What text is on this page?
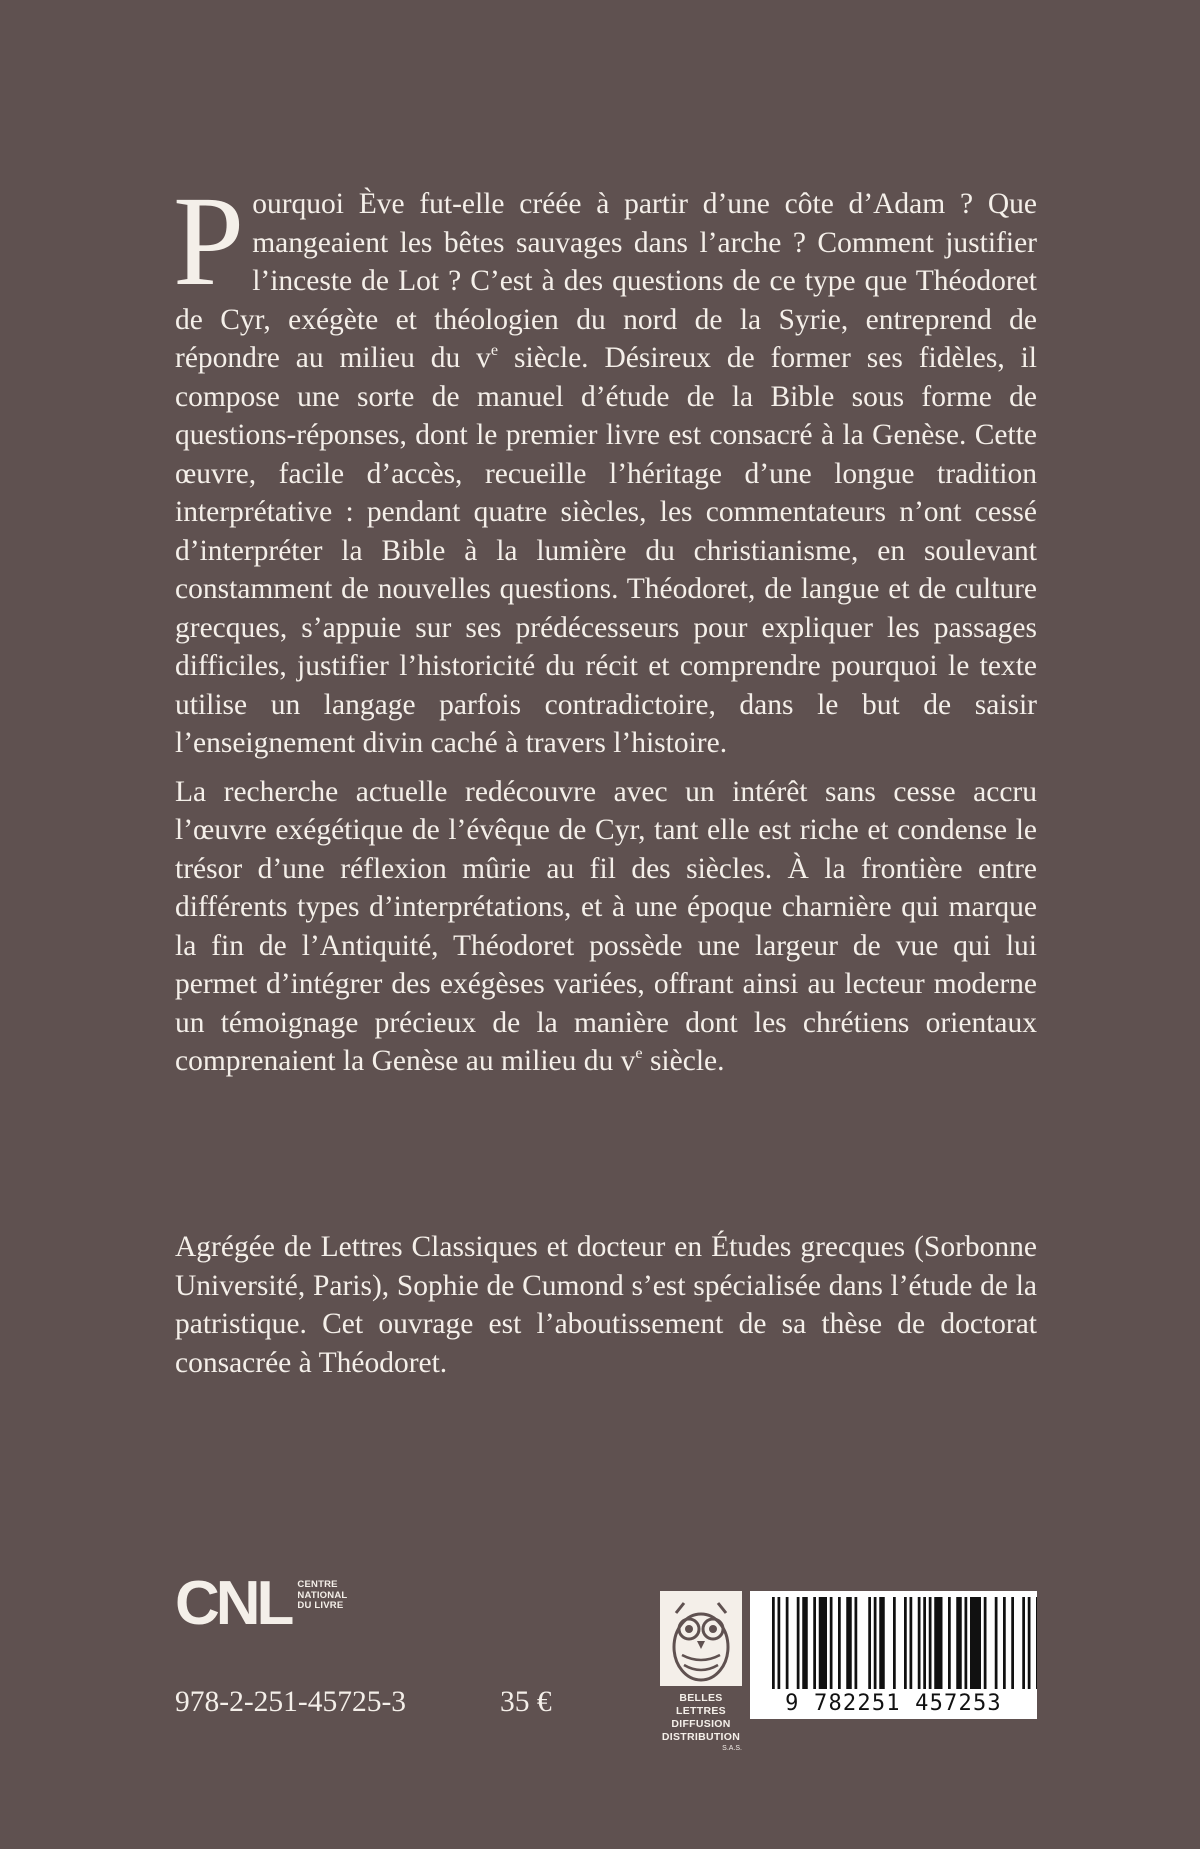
Pourquoi Ève fut-elle créée à partir d’une côte d’Adam ? Que mangeaient les bêtes sauvages dans l’arche ? Comment justifier l’inceste de Lot ? C’est à des questions de ce type que Théodoret de Cyr, exégète et théologien du nord de la Syrie, entreprend de répondre au milieu du $v^e$ siècle. Désireux de former ses fidèles, il compose une sorte de manuel d’étude de la Bible sous forme de questions-réponses, dont le premier livre est consacré à la Genèse. Cette œuvre, facile d’accès, recueille l’héritage d’une longue tradition interprétative : pendant quatre siècles, les commentateurs n’ont cessé d’interpréter la Bible à la lumière du christianisme, en soulevant constamment de nouvelles questions. Théodoret, de langue et de culture grecques, s’appuie sur ses prédécesseurs pour expliquer les passages difficiles, justifier l’historicité du récit et comprendre pourquoi le texte utilise un langage parfois contradictoire, dans le but de saisir l’enseignement divin caché à travers l’histoire.

La recherche actuelle redécouvre avec un intérêt sans cesse accru l’œuvre exégétique de l’évêque de Cyr, tant elle est riche et condense le trésor d’une réflexion mûrie au fil des siècles. À la frontière entre différents types d’interprétations, et à une époque charnière qui marque la fin de l’Antiquité, Théodoret possède une largeur de vue qui lui permet d’intégrer des exégèses variées, offrant ainsi au lecteur moderne un témoignage précieux de la manière dont les chrétiens orientaux comprenaient la Genèse au milieu du $v^e$ siècle.

Agrégée de Lettres Classiques et docteur en Études grecques (Sorbonne Université, Paris), Sophie de Cumond s’est spécialisée dans l’étude de la patristique. Cet ouvrage est l’aboutissement de sa thèse de doctorat consacrée à Théodoret.

CNL CENTRE
NATIONAL
DU LIVRE
978-2-251-45725-3	35 €	BELLES LETTRES
DIFFUSION
DISTRIBUTION
S.A.S.
9 782251 457253
